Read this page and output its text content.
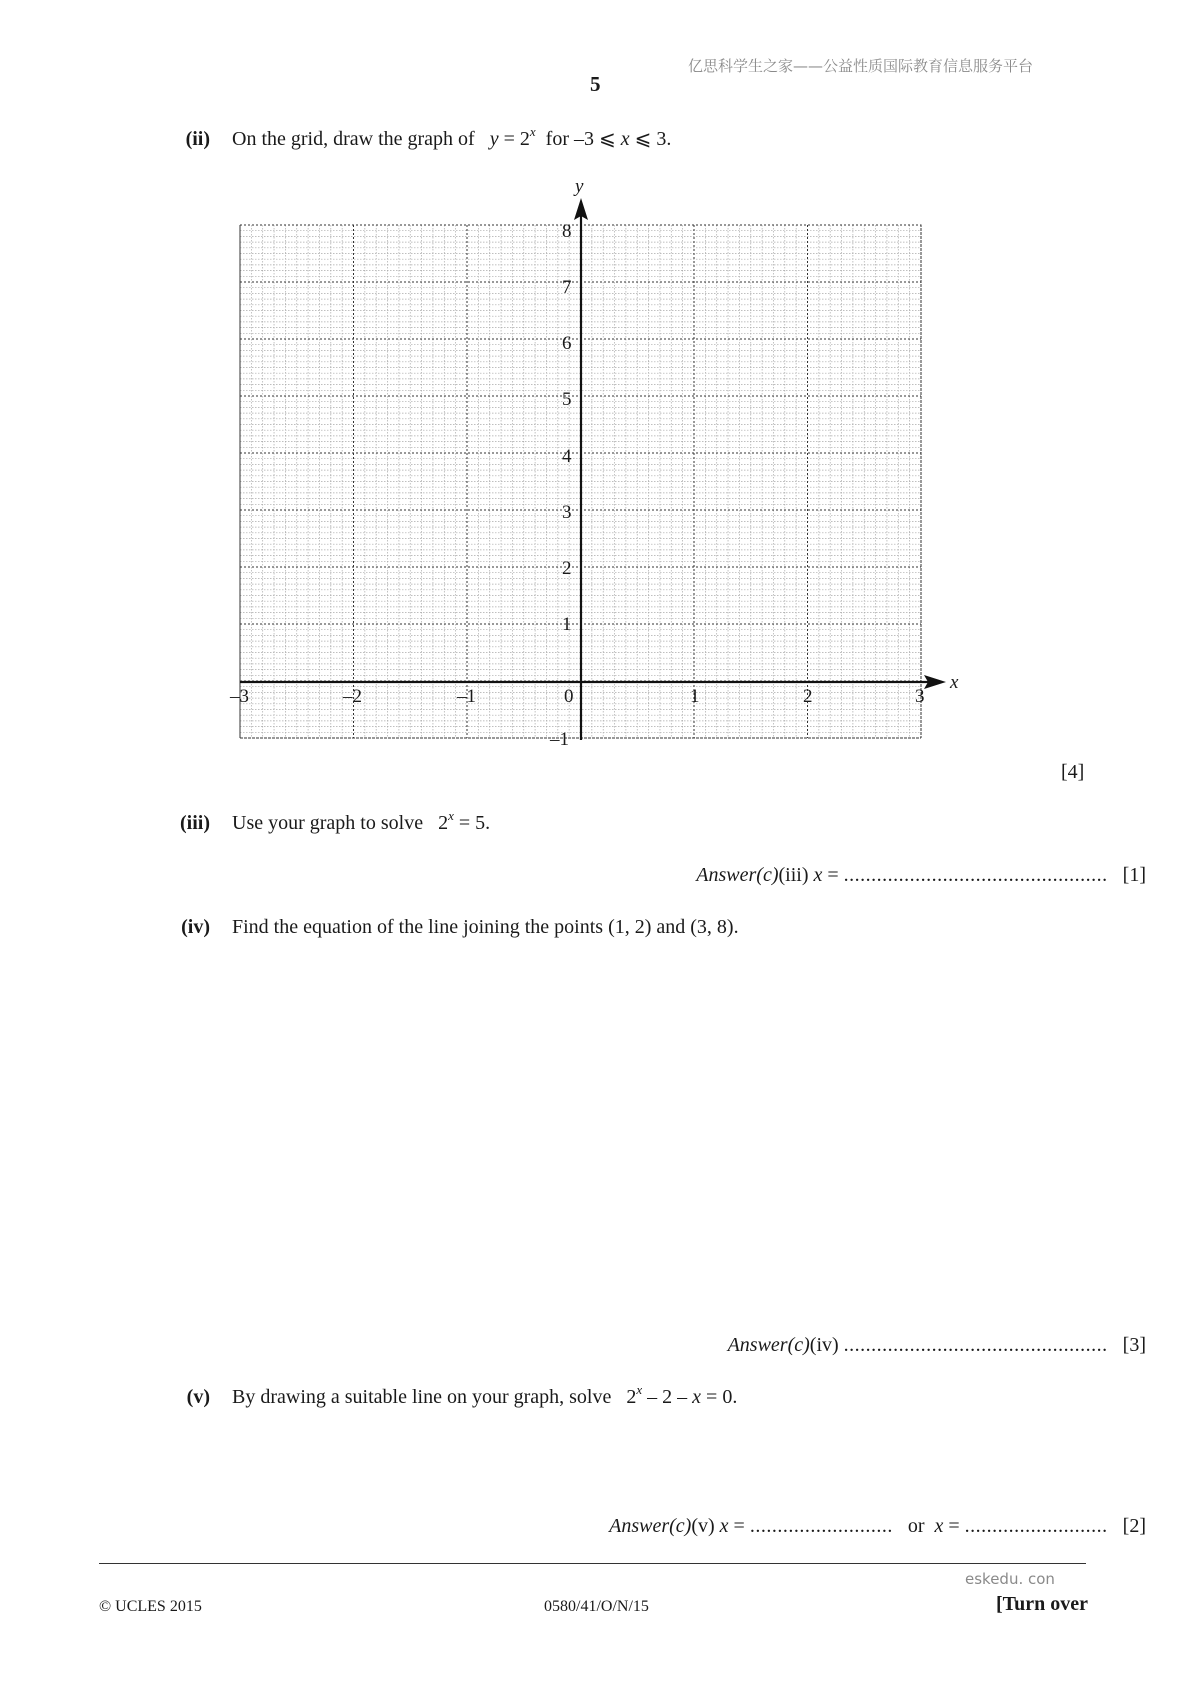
亿思科学生之家——公益性质国际教育信息服务平台
5
(ii) On the grid, draw the graph of $y = 2^x$ for –3 ⩽ x ⩽ 3.
x
y
–3	–2	–1	0	1	2	3
–1
1
2
3
4
5
6
7
8
[4]
(iii) Use your graph to solve $2^x = 5$.
Answer(c)(iii) x = ................................................ [1]
(iv) Find the equation of the line joining the points (1, 2) and (3, 8).
Answer(c)(iv) ................................................ [3]
(v) By drawing a suitable line on your graph, solve 2$^x$ – 2 – x = 0.
Answer(c)(v) x = .......................... or x = .......................... [2]
eskedu. con
© UCLES 2015	0580/41/O/N/15	[Turn over
